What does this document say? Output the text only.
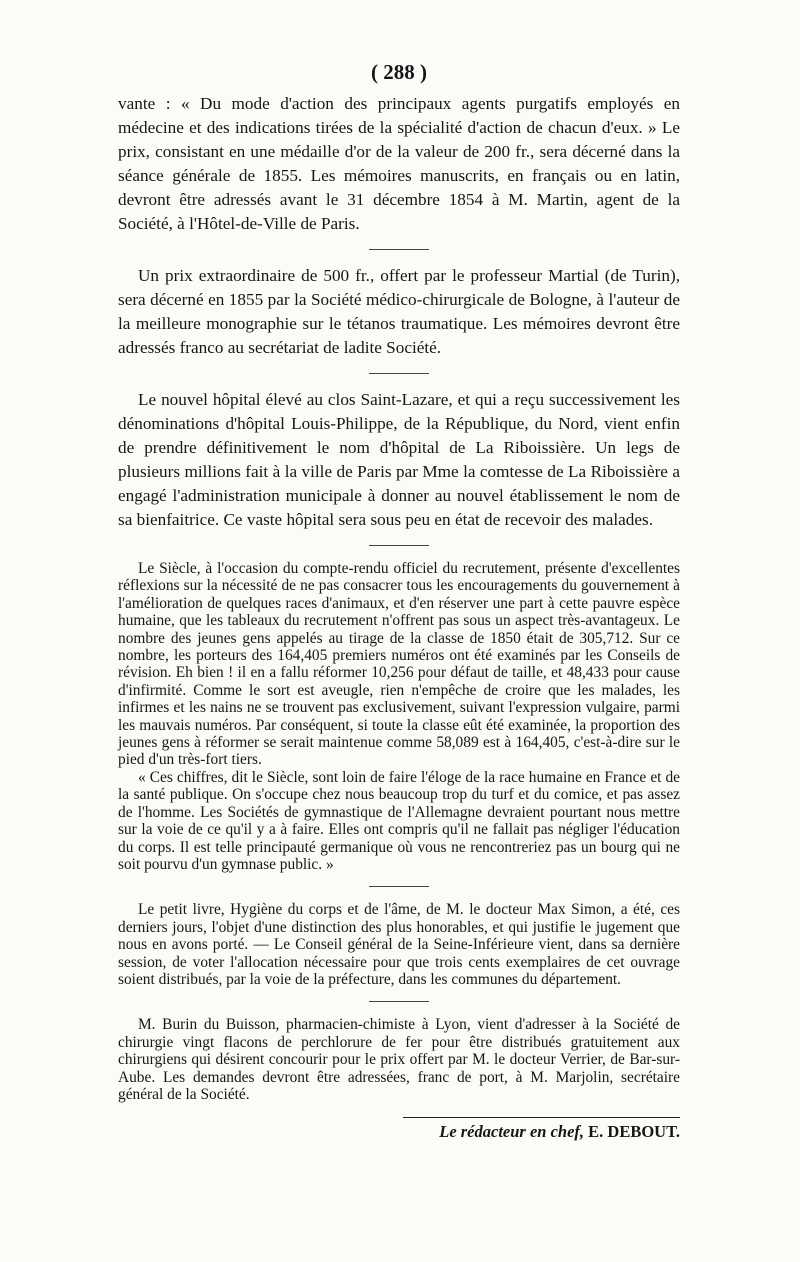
( 288 )

vante : « Du mode d'action des principaux agents purgatifs employés en médecine et des indications tirées de la spécialité d'action de chacun d'eux. » Le prix, consistant en une médaille d'or de la valeur de 200 fr., sera décerné dans la séance générale de 1855. Les mémoires manuscrits, en français ou en latin, devront être adressés avant le 31 décembre 1854 à M. Martin, agent de la Société, à l'Hôtel-de-Ville de Paris.

Un prix extraordinaire de 500 fr., offert par le professeur Martial (de Turin), sera décerné en 1855 par la Société médico-chirurgicale de Bologne, à l'auteur de la meilleure monographie sur le tétanos traumatique. Les mémoires devront être adressés franco au secrétariat de ladite Société.

Le nouvel hôpital élevé au clos Saint-Lazare, et qui a reçu successivement les dénominations d'hôpital Louis-Philippe, de la République, du Nord, vient enfin de prendre définitivement le nom d'hôpital de La Riboissière. Un legs de plusieurs millions fait à la ville de Paris par Mme la comtesse de La Riboissière a engagé l'administration municipale à donner au nouvel établissement le nom de sa bienfaitrice. Ce vaste hôpital sera sous peu en état de recevoir des malades.

Le Siècle, à l'occasion du compte-rendu officiel du recrutement, présente d'excellentes réflexions sur la nécessité de ne pas consacrer tous les encouragements du gouvernement à l'amélioration de quelques races d'animaux, et d'en réserver une part à cette pauvre espèce humaine, que les tableaux du recrutement n'offrent pas sous un aspect très-avantageux. Le nombre des jeunes gens appelés au tirage de la classe de 1850 était de 305,712. Sur ce nombre, les porteurs des 164,405 premiers numéros ont été examinés par les Conseils de révision. Eh bien ! il en a fallu réformer 10,256 pour défaut de taille, et 48,433 pour cause d'infirmité. Comme le sort est aveugle, rien n'empêche de croire que les malades, les infirmes et les nains ne se trouvent pas exclusivement, suivant l'expression vulgaire, parmi les mauvais numéros. Par conséquent, si toute la classe eût été examinée, la proportion des jeunes gens à réformer se serait maintenue comme 58,089 est à 164,405, c'est-à-dire sur le pied d'un très-fort tiers.

« Ces chiffres, dit le Siècle, sont loin de faire l'éloge de la race humaine en France et de la santé publique. On s'occupe chez nous beaucoup trop du turf et du comice, et pas assez de l'homme. Les Sociétés de gymnastique de l'Allemagne devraient pourtant nous mettre sur la voie de ce qu'il y a à faire. Elles ont compris qu'il ne fallait pas négliger l'éducation du corps. Il est telle principauté germanique où vous ne rencontreriez pas un bourg qui ne soit pourvu d'un gymnase public. »

Le petit livre, Hygiène du corps et de l'âme, de M. le docteur Max Simon, a été, ces derniers jours, l'objet d'une distinction des plus honorables, et qui justifie le jugement que nous en avons porté. — Le Conseil général de la Seine-Inférieure vient, dans sa dernière session, de voter l'allocation nécessaire pour que trois cents exemplaires de cet ouvrage soient distribués, par la voie de la préfecture, dans les communes du département.

M. Burin du Buisson, pharmacien-chimiste à Lyon, vient d'adresser à la Société de chirurgie vingt flacons de perchlorure de fer pour être distribués gratuitement aux chirurgiens qui désirent concourir pour le prix offert par M. le docteur Verrier, de Bar-sur-Aube. Les demandes devront être adressées, franc de port, à M. Marjolin, secrétaire général de la Société.

Le rédacteur en chef, E. DEBOUT.
